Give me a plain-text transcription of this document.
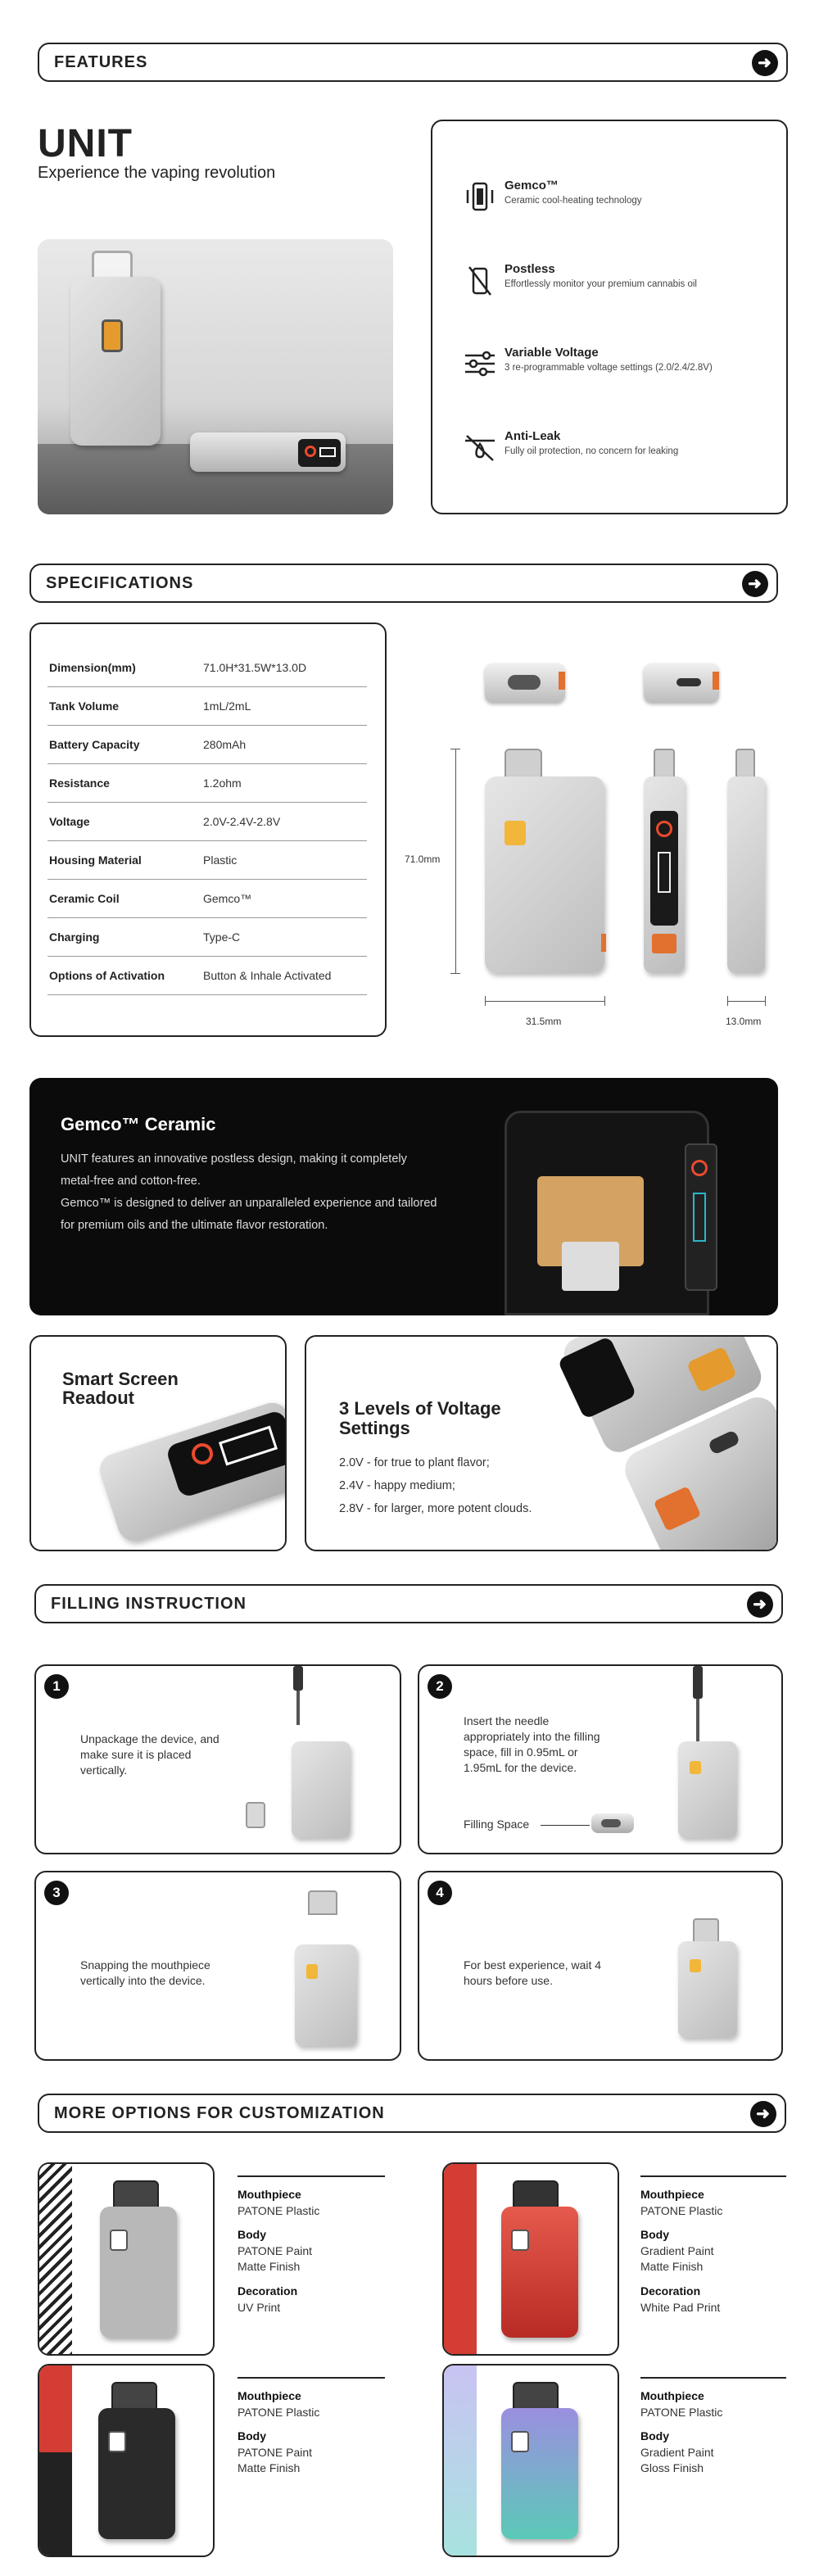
FEATURES	➜
UNIT
Experience the vaping revolution
Gemco™
Ceramic cool-heating technology
Postless
Effortlessly monitor your premium cannabis oil
Variable Voltage
3 re-programmable voltage settings (2.0/2.4/2.8V)
Anti-Leak
Fully oil protection, no concern for leaking
SPECIFICATIONS	➜
Dimension(mm)	71.0H*31.5W*13.0D
Tank Volume	1mL/2mL
Battery Capacity	280mAh
Resistance	1.2ohm
Voltage	2.0V-2.4V-2.8V
Housing Material	Plastic
Ceramic Coil	Gemco™
Charging	Type-C
Options of Activation	Button & Inhale Activated
71.0mm
31.5mm	13.0mm
Gemco™ Ceramic
UNIT features an innovative postless design, making it completely metal-free and cotton-free.
Gemco™ is designed to deliver an unparalleled experience and tailored for premium oils and the ultimate flavor restoration.
Smart Screen Readout
3 Levels of Voltage Settings
2.0V - for true to plant flavor;
2.4V - happy medium;
2.8V - for larger, more potent clouds.
FILLING INSTRUCTION	➜
1
Unpackage the device, and make sure it is placed vertically.
2
Insert the needle appropriately into the filling space, fill in 0.95mL or 1.95mL for the device.
Filling Space
3
Snapping the mouthpiece vertically into the device.
4
For best experience, wait 4 hours before use.
MORE OPTIONS FOR CUSTOMIZATION	➜
Mouthpiece
PATONE Plastic

Body
PATONE Paint
Matte Finish

Decoration
UV Print
Mouthpiece
PATONE Plastic

Body
Gradient Paint
Matte Finish

Decoration
White Pad Print
Mouthpiece
PATONE Plastic

Body
PATONE Paint
Matte Finish
Mouthpiece
PATONE Plastic

Body
Gradient Paint
Gloss Finish
